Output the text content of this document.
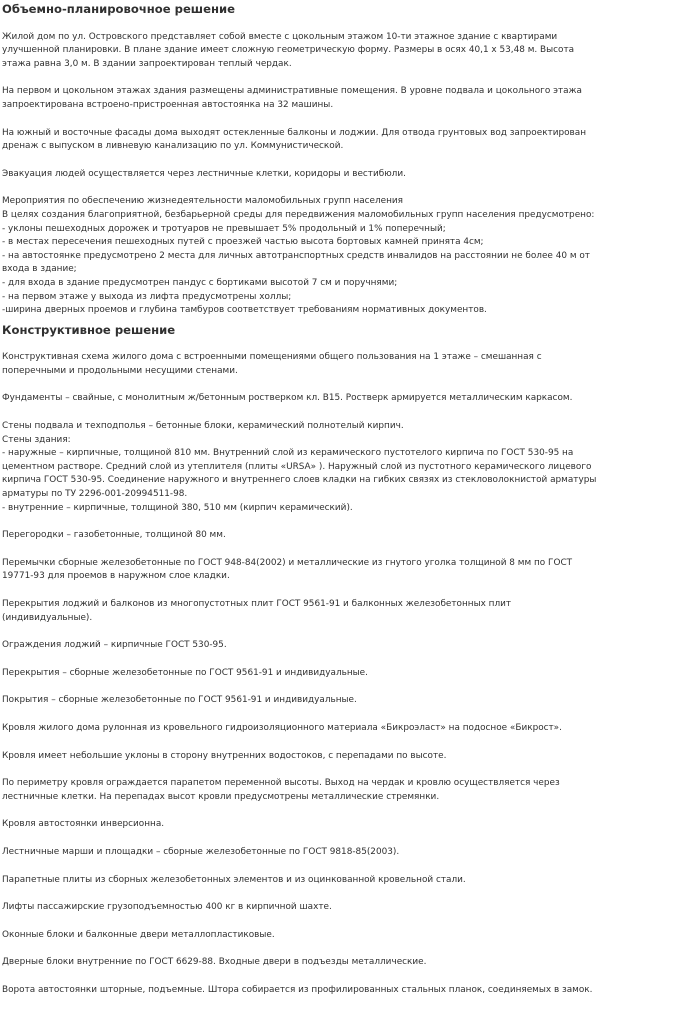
Объемно-планировочное решение
Жилой дом по ул. Островского представляет собой вместе с цокольным этажом 10-ти этажное здание с квартирами
улучшенной планировки. В плане здание имеет сложную геометрическую форму. Размеры в осях 40,1 х 53,48 м. Высота
этажа равна 3,0 м. В здании запроектирован теплый чердак.
На первом и цокольном этажах здания размещены административные помещения. В уровне подвала и цокольного этажа
запроектирована встроено-пристроенная автостоянка на 32 машины.
На южный и восточные фасады дома выходят остекленные балконы и лоджии. Для отвода грунтовых вод запроектирован
дренаж с выпуском в ливневую канализацию по ул. Коммунистической.
Эвакуация людей осуществляется через лестничные клетки, коридоры и вестибюли.
Мероприятия по обеспечению жизнедеятельности маломобильных групп населения
В целях создания благоприятной, безбарьерной среды для передвижения маломобильных групп населения предусмотрено:
- уклоны пешеходных дорожек и тротуаров не превышает 5% продольный и 1% поперечный;
- в местах пересечения пешеходных путей с проезжей частью высота бортовых камней принята 4см;
- на автостоянке предусмотрено 2 места для личных автотранспортных средств инвалидов на расстоянии не более 40 м от
входа в здание;
- для входа в здание предусмотрен пандус с бортиками высотой 7 см и поручнями;
- на первом этаже у выхода из лифта предусмотрены холлы;
-ширина дверных проемов и глубина тамбуров соответствует требованиям нормативных документов.
Конструктивное решение
Конструктивная схема жилого дома с встроенными помещениями общего пользования на 1 этаже – смешанная с
поперечными и продольными несущими стенами.
Фундаменты – свайные, с монолитным ж/бетонным ростверком кл. В15. Ростверк армируется металлическим каркасом.
Стены подвала и техподполья – бетонные блоки, керамический полнотелый кирпич.
Стены здания:
- наружные – кирпичные, толщиной 810 мм. Внутренний слой из керамического пустотелого кирпича по ГОСТ 530-95 на
цементном растворе. Средний слой из утеплителя (плиты «URSA» ). Наружный слой из пустотного керамического лицевого
кирпича ГОСТ 530-95. Соединение наружного и внутреннего слоев кладки на гибких связях из стекловолокнистой арматуры
арматуры по ТУ 2296-001-20994511-98.
- внутренние – кирпичные, толщиной 380, 510 мм (кирпич керамический).
Перегородки – газобетонные, толщиной 80 мм.
Перемычки сборные железобетонные по ГОСТ 948-84(2002) и металлические из гнутого уголка толщиной 8 мм по ГОСТ
19771-93 для проемов в наружном слое кладки.
Перекрытия лоджий и балконов из многопустотных плит ГОСТ 9561-91 и балконных железобетонных плит
(индивидуальные).
Ограждения лоджий – кирпичные ГОСТ 530-95.
Перекрытия – сборные железобетонные по ГОСТ 9561-91 и индивидуальные.
Покрытия – сборные железобетонные по ГОСТ 9561-91 и индивидуальные.
Кровля жилого дома рулонная из кровельного гидроизоляционного материала «Бикроэласт» на подосное «Бикрост».
Кровля имеет небольшие уклоны в сторону внутренних водостоков, с перепадами по высоте.
По периметру кровля ограждается парапетом переменной высоты. Выход на чердак и кровлю осуществляется через
лестничные клетки. На перепадах высот кровли предусмотрены металлические стремянки.
Кровля автостоянки инверсионна.
Лестничные марши и площадки – сборные железобетонные по ГОСТ 9818-85(2003).
Парапетные плиты из сборных железобетонных элементов и из оцинкованной кровельной стали.
Лифты пассажирские грузоподъемностью 400 кг в кирпичной шахте.
Оконные блоки и балконные двери металлопластиковые.
Дверные блоки внутренние по ГОСТ 6629-88. Входные двери в подъезды металлические.
Ворота автостоянки шторные, подъемные. Штора собирается из профилированных стальных планок, соединяемых в замок.
